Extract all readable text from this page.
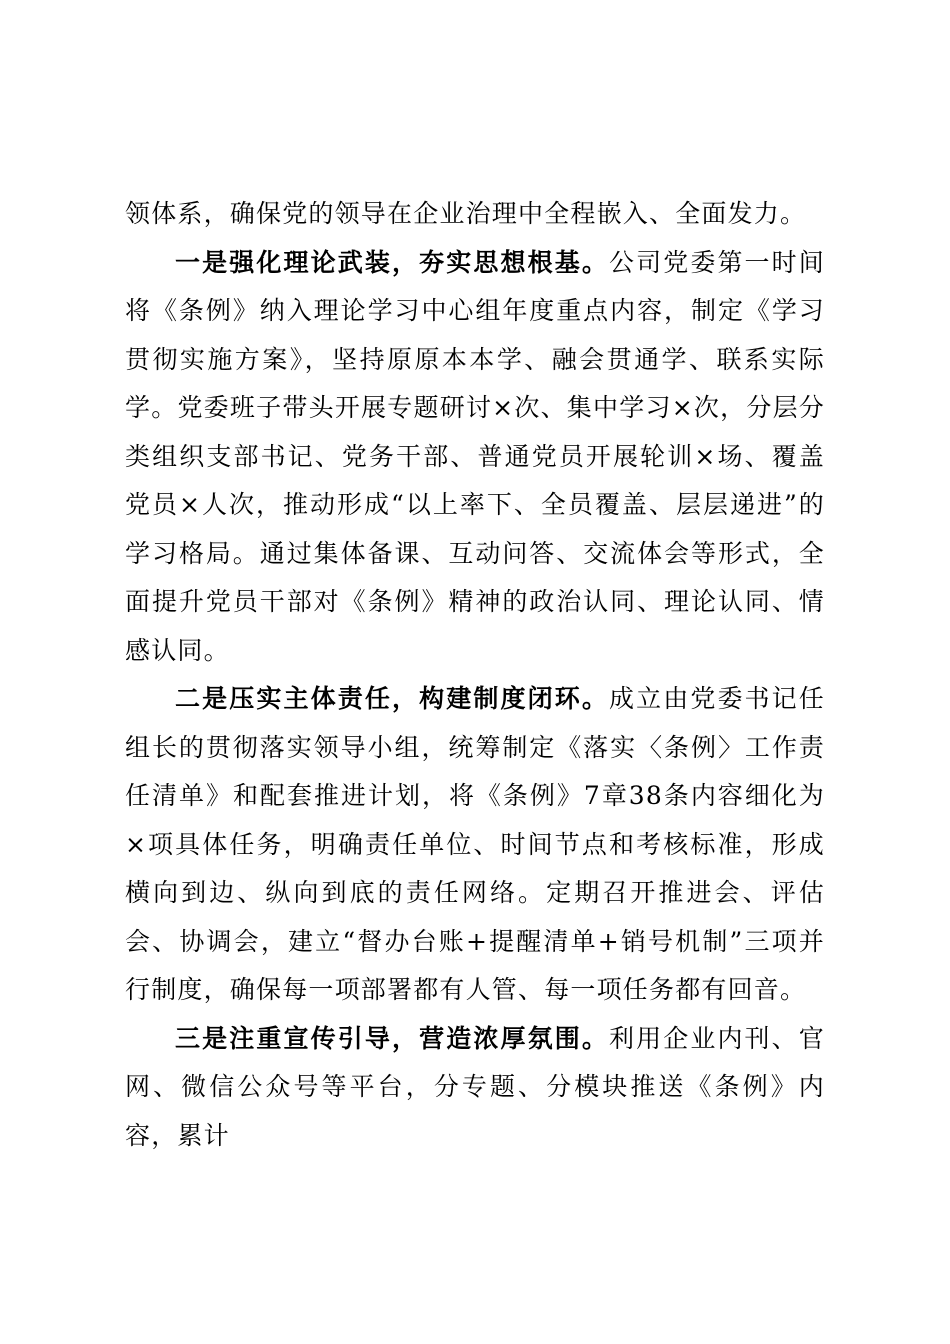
领体系，确保党的领导在企业治理中全程嵌入、全面发力。

一是强化理论武装，夯实思想根基。公司党委第一时间将《条例》纳入理论学习中心组年度重点内容，制定《学习贯彻实施方案》，坚持原原本本学、融会贯通学、联系实际学。党委班子带头开展专题研讨×次、集中学习×次，分层分类组织支部书记、党务干部、普通党员开展轮训×场、覆盖党员×人次，推动形成“以上率下、全员覆盖、层层递进”的学习格局。通过集体备课、互动问答、交流体会等形式，全面提升党员干部对《条例》精神的政治认同、理论认同、情感认同。

二是压实主体责任，构建制度闭环。成立由党委书记任组长的贯彻落实领导小组，统筹制定《落实〈条例〉工作责任清单》和配套推进计划，将《条例》7章38条内容细化为×项具体任务，明确责任单位、时间节点和考核标准，形成横向到边、纵向到底的责任网络。定期召开推进会、评估会、协调会，建立“督办台账+提醒清单+销号机制”三项并行制度，确保每一项部署都有人管、每一项任务都有回音。

三是注重宣传引导，营造浓厚氛围。利用企业内刊、官网、微信公众号等平台，分专题、分模块推送《条例》内容，累计
